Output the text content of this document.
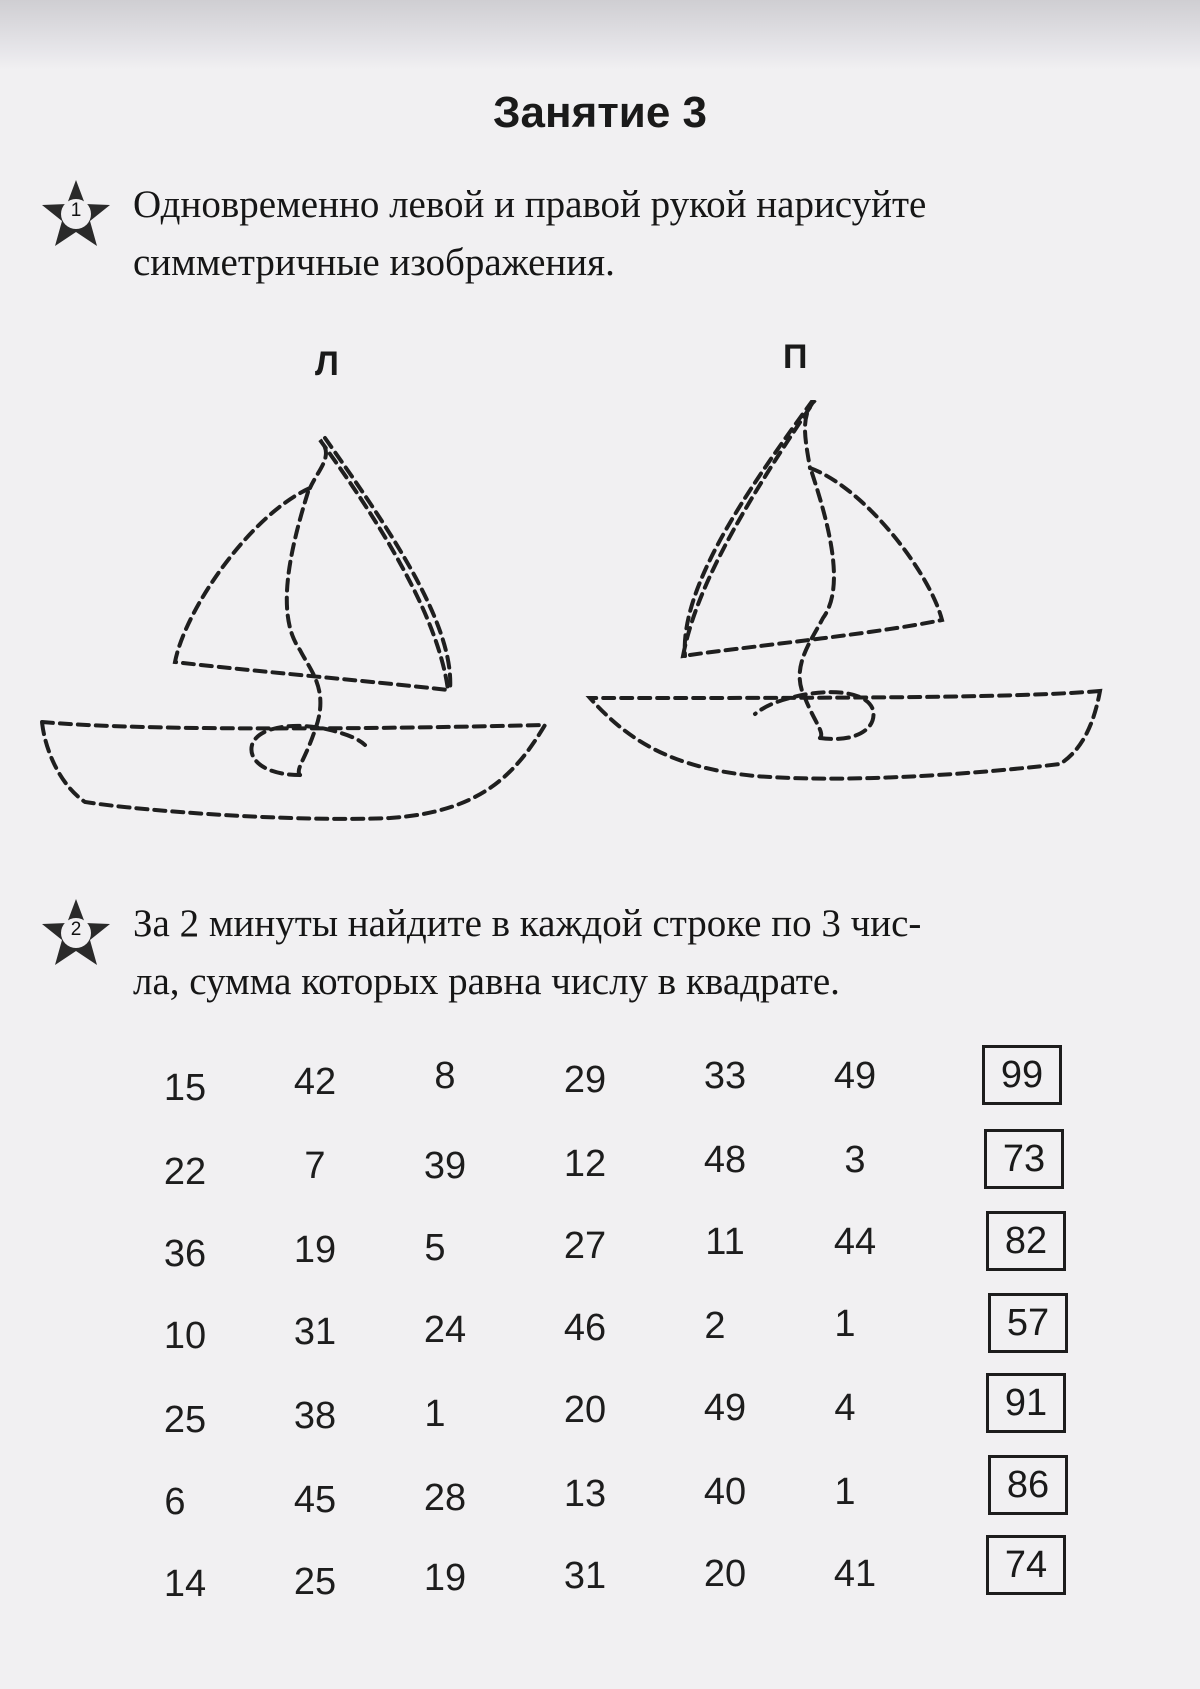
Занятие 3
1	Одновременно левой и правой рукой нарисуйте
симметричные изображения.
Л	П
2	За 2 минуты найдите в каждой строке по 3 чис-
ла, сумма которых равна числу в квадрате.
15	42	8	29	33	49	99
22	7	39	12	48	3	73
36	19	5	27	11	44	82
10	31	24	46	2	1	57
25	38	1	20	49	4	91
6	45	28	13	40	1	86
14	25	19	31	20	41	74
